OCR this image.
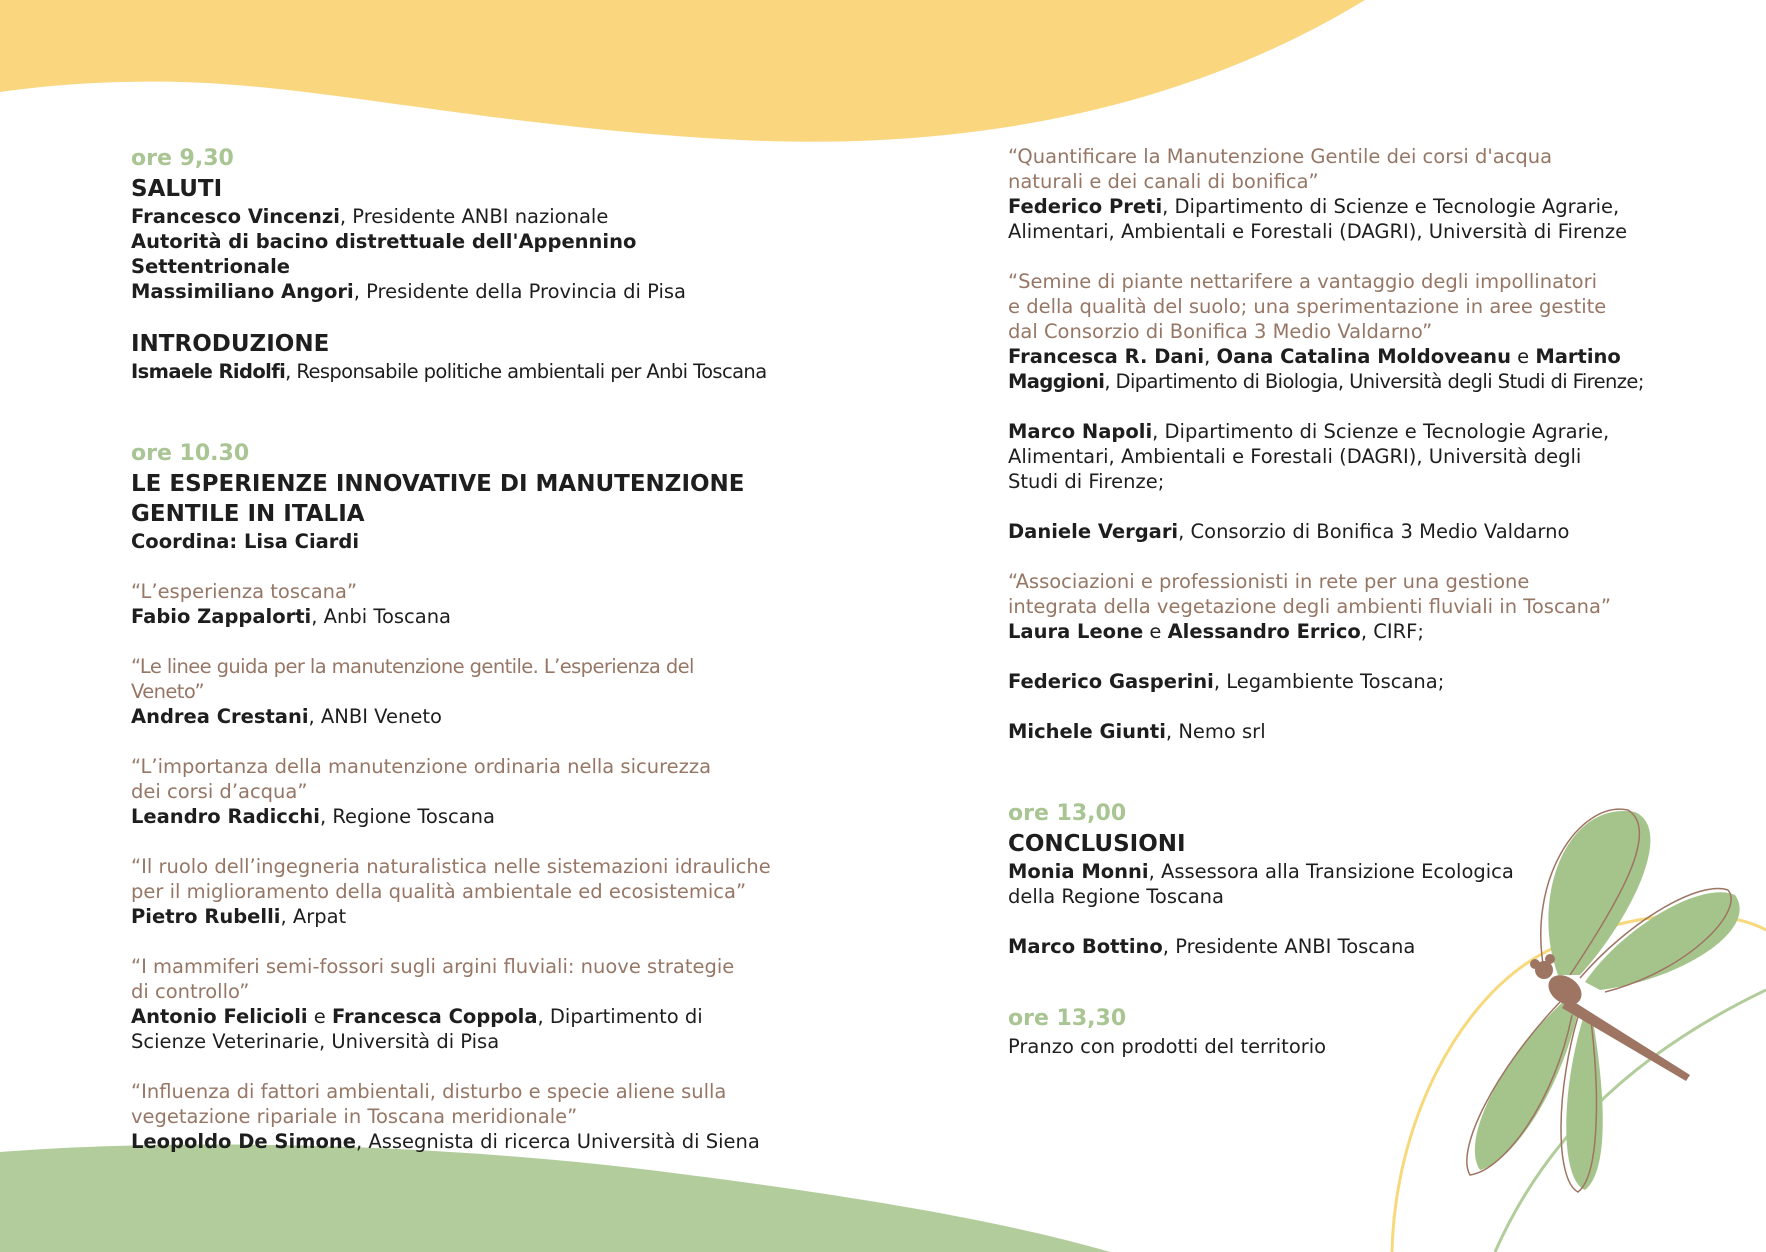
ore 9,30
SALUTI
Francesco Vincenzi, Presidente ANBI nazionale
Autorità di bacino distrettuale dell'Appennino Settentrionale
Massimiliano Angori, Presidente della Provincia di Pisa
INTRODUZIONE
Ismaele Ridolfi, Responsabile politiche ambientali per Anbi Toscana
ore 10.30
LE ESPERIENZE INNOVATIVE DI MANUTENZIONE
GENTILE IN ITALIA
Coordina: Lisa Ciardi
“L’esperienza toscana”
Fabio Zappalorti, Anbi Toscana
“Le linee guida per la manutenzione gentile. L’esperienza del Veneto”
Andrea Crestani, ANBI Veneto
“L’importanza della manutenzione ordinaria nella sicurezza
dei corsi d’acqua”
Leandro Radicchi, Regione Toscana
“Il ruolo dell’ingegneria naturalistica nelle sistemazioni idrauliche
per il miglioramento della qualità ambientale ed ecosistemica”
Pietro Rubelli, Arpat
“I mammiferi semi-fossori sugli argini fluviali: nuove strategie
di controllo”
Antonio Felicioli e Francesca Coppola, Dipartimento di
Scienze Veterinarie, Università di Pisa
“Influenza di fattori ambientali, disturbo e specie aliene sulla
vegetazione ripariale in Toscana meridionale”
Leopoldo De Simone, Assegnista di ricerca Università di Siena
“Quantificare la Manutenzione Gentile dei corsi d'acqua
naturali e dei canali di bonifica”
Federico Preti, Dipartimento di Scienze e Tecnologie Agrarie,
Alimentari, Ambientali e Forestali (DAGRI), Università di Firenze
“Semine di piante nettarifere a vantaggio degli impollinatori
e della qualità del suolo; una sperimentazione in aree gestite
dal Consorzio di Bonifica 3 Medio Valdarno”
Francesca R. Dani, Oana Catalina Moldoveanu e Martino
Maggioni, Dipartimento di Biologia, Università degli Studi di Firenze;
Marco Napoli, Dipartimento di Scienze e Tecnologie Agrarie,
Alimentari, Ambientali e Forestali (DAGRI), Università degli
Studi di Firenze;
Daniele Vergari, Consorzio di Bonifica 3 Medio Valdarno
“Associazioni e professionisti in rete per una gestione
integrata della vegetazione degli ambienti fluviali in Toscana”
Laura Leone e Alessandro Errico, CIRF;
Federico Gasperini, Legambiente Toscana;
Michele Giunti, Nemo srl
ore 13,00
CONCLUSIONI
Monia Monni, Assessora alla Transizione Ecologica
della Regione Toscana
Marco Bottino, Presidente ANBI Toscana
ore 13,30
Pranzo con prodotti del territorio
